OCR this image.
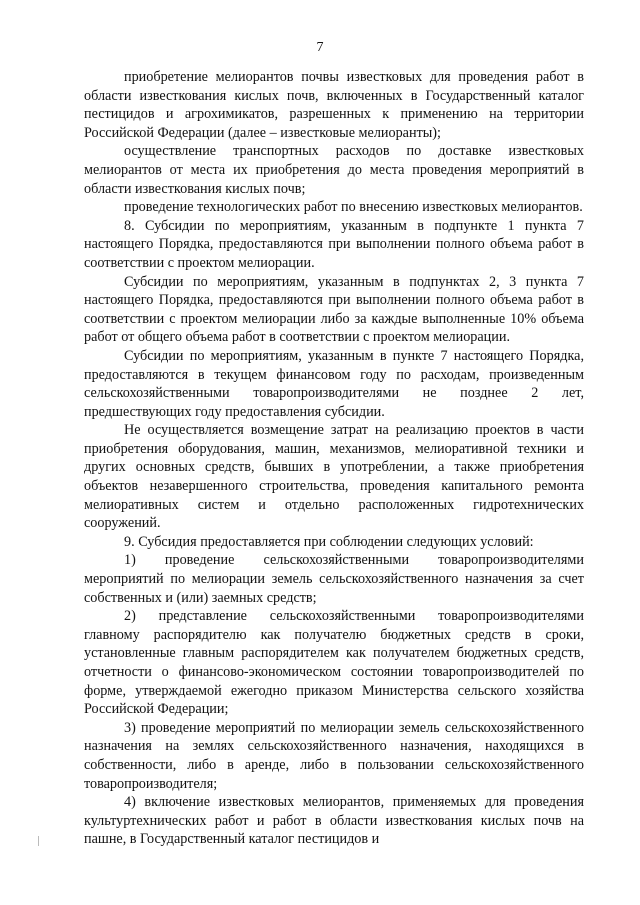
7

приобретение мелиорантов почвы известковых для проведения работ в области известкования кислых почв, включенных в Государственный каталог пестицидов и агрохимикатов, разрешенных к применению на территории Российской Федерации (далее – известковые мелиоранты);

осуществление транспортных расходов по доставке известковых мелиорантов от места их приобретения до места проведения мероприятий в области известкования кислых почв;

проведение технологических работ по внесению известковых мелиорантов.

8. Субсидии по мероприятиям, указанным в подпункте 1 пункта 7 настоящего Порядка, предоставляются при выполнении полного объема работ в соответствии с проектом мелиорации.

Субсидии по мероприятиям, указанным в подпунктах 2, 3 пункта 7 настоящего Порядка, предоставляются при выполнении полного объема работ в соответствии с проектом мелиорации либо за каждые выполненные 10% объема работ от общего объема работ в соответствии с проектом мелиорации.

Субсидии по мероприятиям, указанным в пункте 7 настоящего Порядка, предоставляются в текущем финансовом году по расходам, произведенным сельскохозяйственными товаропроизводителями не позднее 2 лет, предшествующих году предоставления субсидии.

Не осуществляется возмещение затрат на реализацию проектов в части приобретения оборудования, машин, механизмов, мелиоративной техники и других основных средств, бывших в употреблении, а также приобретения объектов незавершенного строительства, проведения капитального ремонта мелиоративных систем и отдельно расположенных гидротехнических сооружений.

9. Субсидия предоставляется при соблюдении следующих условий:

1) проведение сельскохозяйственными товаропроизводителями мероприятий по мелиорации земель сельскохозяйственного назначения за счет собственных и (или) заемных средств;

2) представление сельскохозяйственными товаропроизводителями главному распорядителю как получателю бюджетных средств в сроки, установленные главным распорядителем как получателем бюджетных средств, отчетности о финансово-экономическом состоянии товаропроизводителей по форме, утверждаемой ежегодно приказом Министерства сельского хозяйства Российской Федерации;

3) проведение мероприятий по мелиорации земель сельскохозяйственного назначения на землях сельскохозяйственного назначения, находящихся в собственности, либо в аренде, либо в пользовании сельскохозяйственного товаропроизводителя;

4) включение известковых мелиорантов, применяемых для проведения культуртехнических работ и работ в области известкования кислых почв на пашне, в Государственный каталог пестицидов и
